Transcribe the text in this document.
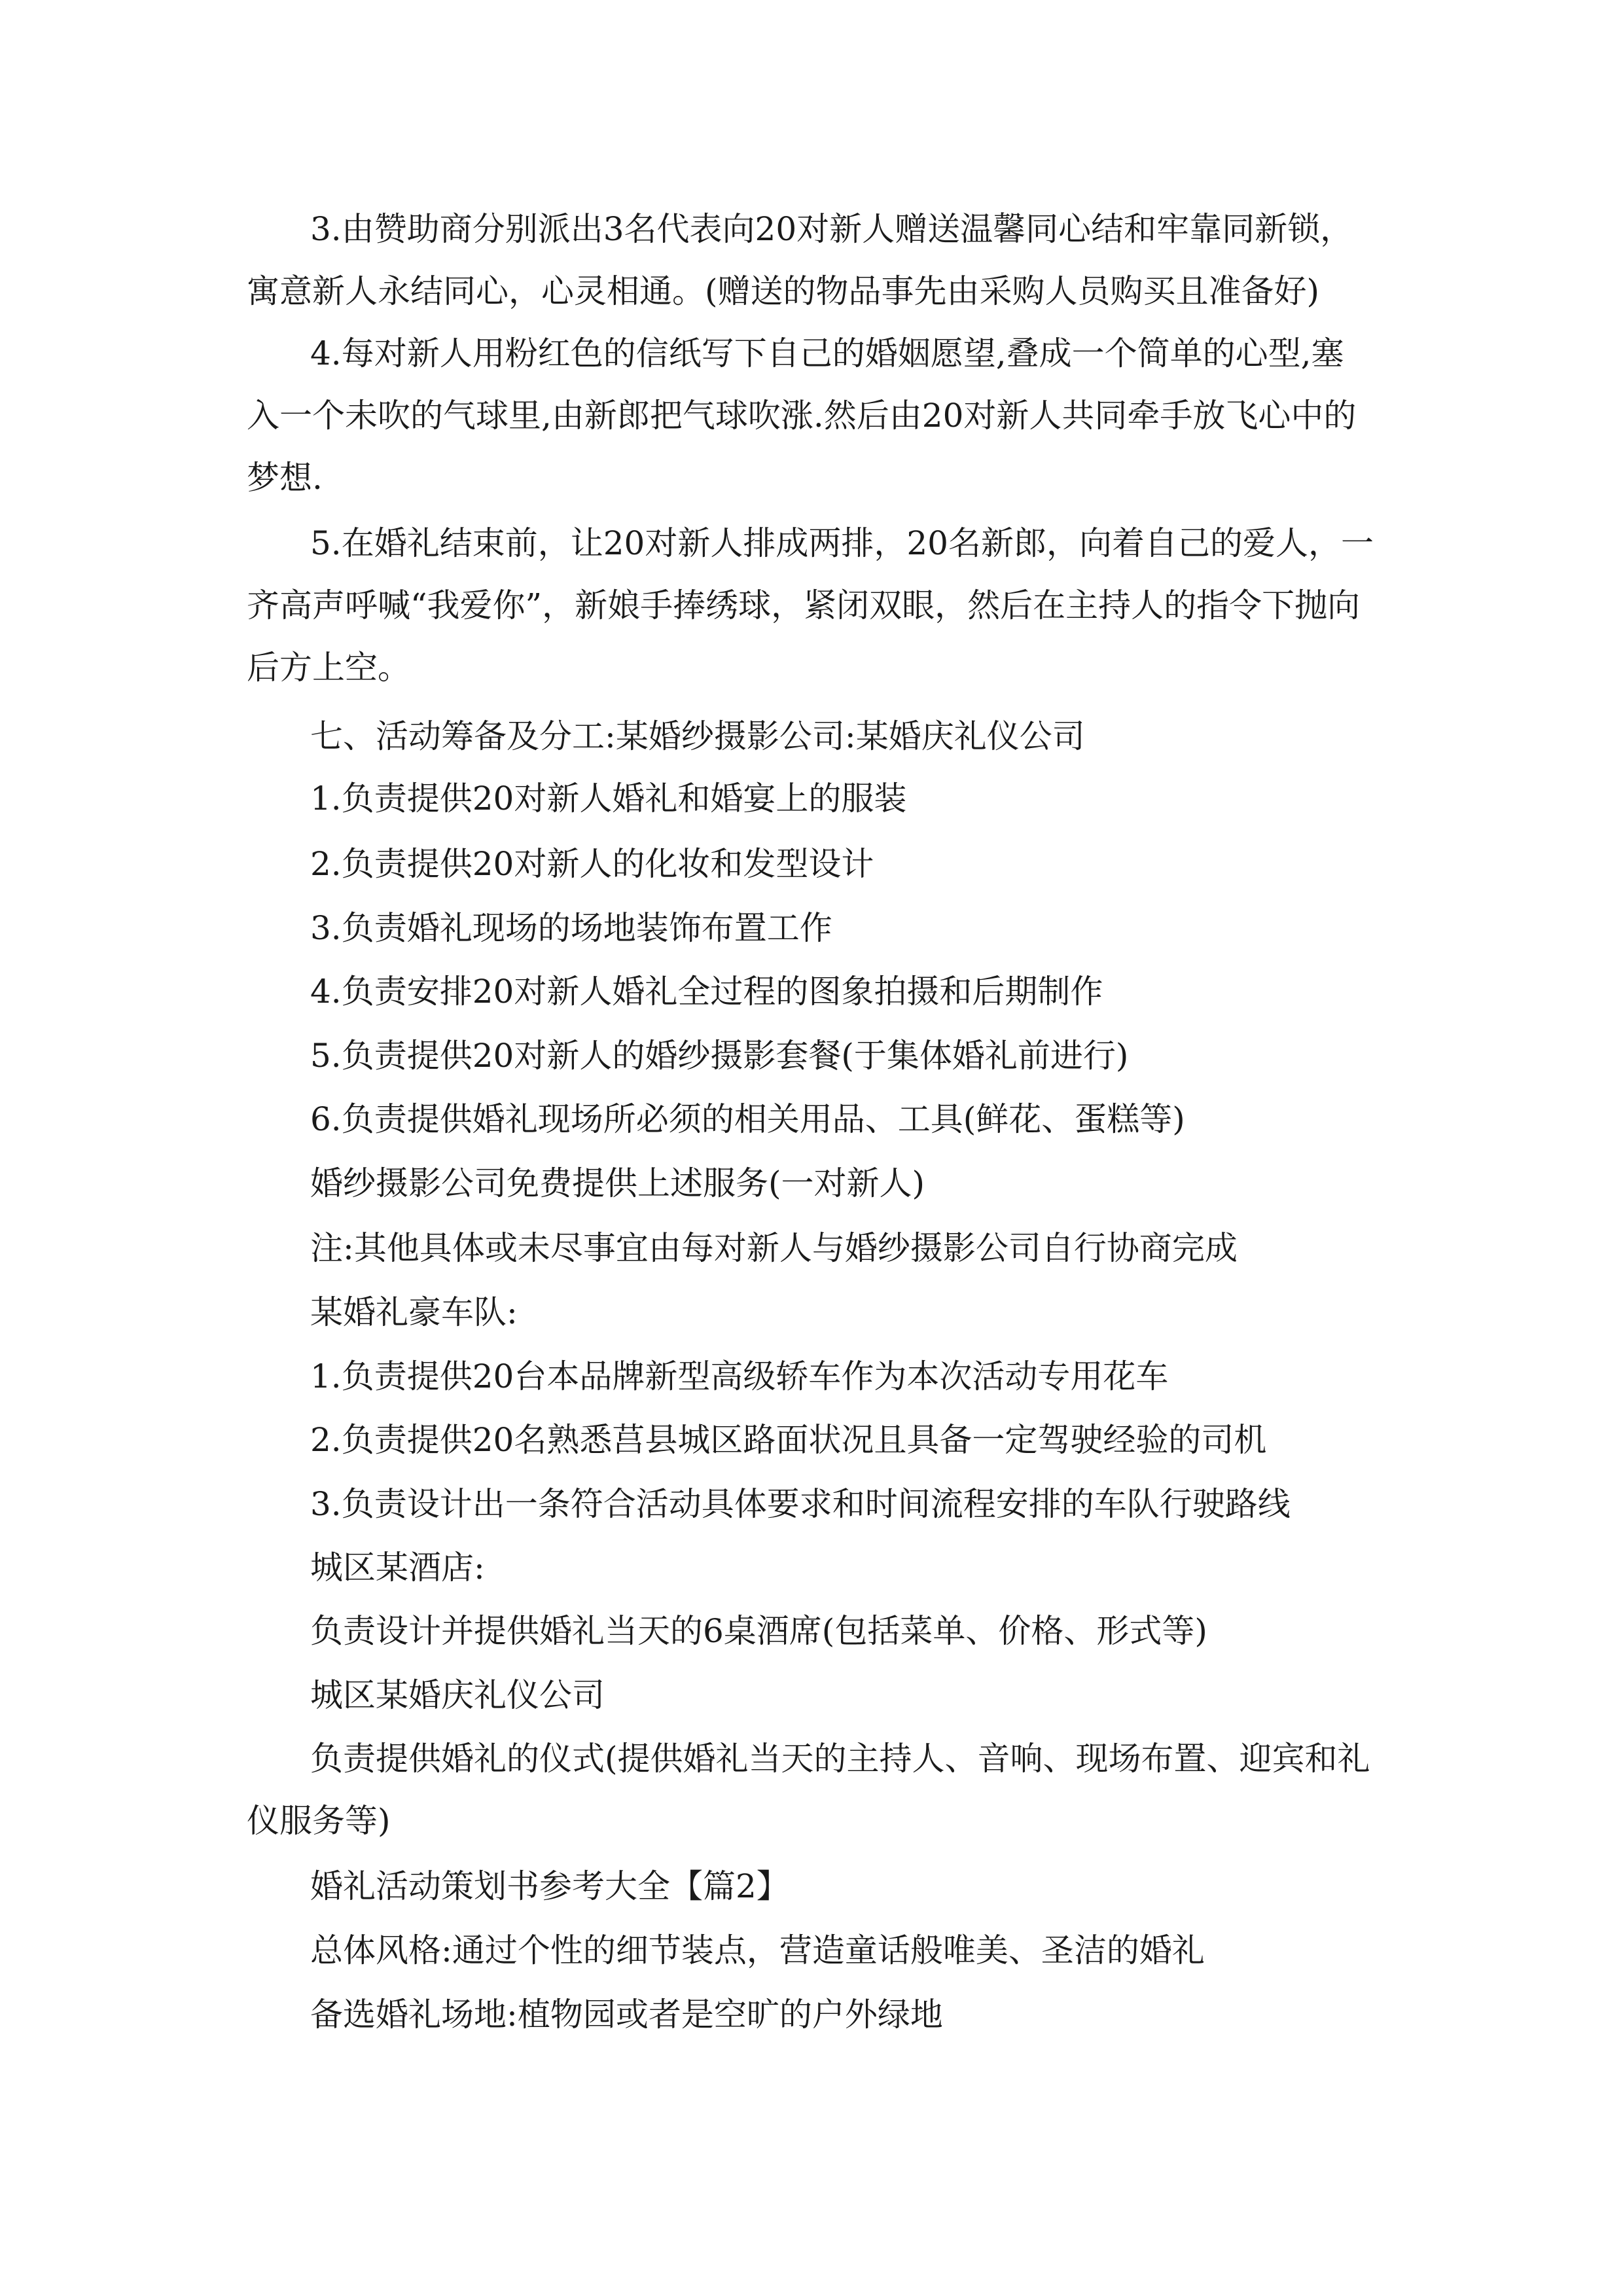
3.由赞助商分别派出3名代表向20对新人赠送温馨同心结和牢靠同新锁，
寓意新人永结同心，心灵相通。(赠送的物品事先由采购人员购买且准备好)
4.每对新人用粉红色的信纸写下自己的婚姻愿望,叠成一个简单的心型,塞
入一个未吹的气球里,由新郎把气球吹涨.然后由20对新人共同牵手放飞心中的
梦想.
5.在婚礼结束前，让20对新人排成两排，20名新郎，向着自己的爱人，一
齐高声呼喊“我爱你”，新娘手捧绣球，紧闭双眼，然后在主持人的指令下抛向
后方上空。
七、活动筹备及分工:某婚纱摄影公司:某婚庆礼仪公司
1.负责提供20对新人婚礼和婚宴上的服装
2.负责提供20对新人的化妆和发型设计
3.负责婚礼现场的场地装饰布置工作
4.负责安排20对新人婚礼全过程的图象拍摄和后期制作
5.负责提供20对新人的婚纱摄影套餐(于集体婚礼前进行)
6.负责提供婚礼现场所必须的相关用品、工具(鲜花、蛋糕等)
婚纱摄影公司免费提供上述服务(一对新人)
注:其他具体或未尽事宜由每对新人与婚纱摄影公司自行协商完成
某婚礼豪车队:
1.负责提供20台本品牌新型高级轿车作为本次活动专用花车
2.负责提供20名熟悉莒县城区路面状况且具备一定驾驶经验的司机
3.负责设计出一条符合活动具体要求和时间流程安排的车队行驶路线
城区某酒店:
负责设计并提供婚礼当天的6桌酒席(包括菜单、价格、形式等)
城区某婚庆礼仪公司
负责提供婚礼的仪式(提供婚礼当天的主持人、音响、现场布置、迎宾和礼
仪服务等)
婚礼活动策划书参考大全【篇2】
总体风格:通过个性的细节装点，营造童话般唯美、圣洁的婚礼
备选婚礼场地:植物园或者是空旷的户外绿地
